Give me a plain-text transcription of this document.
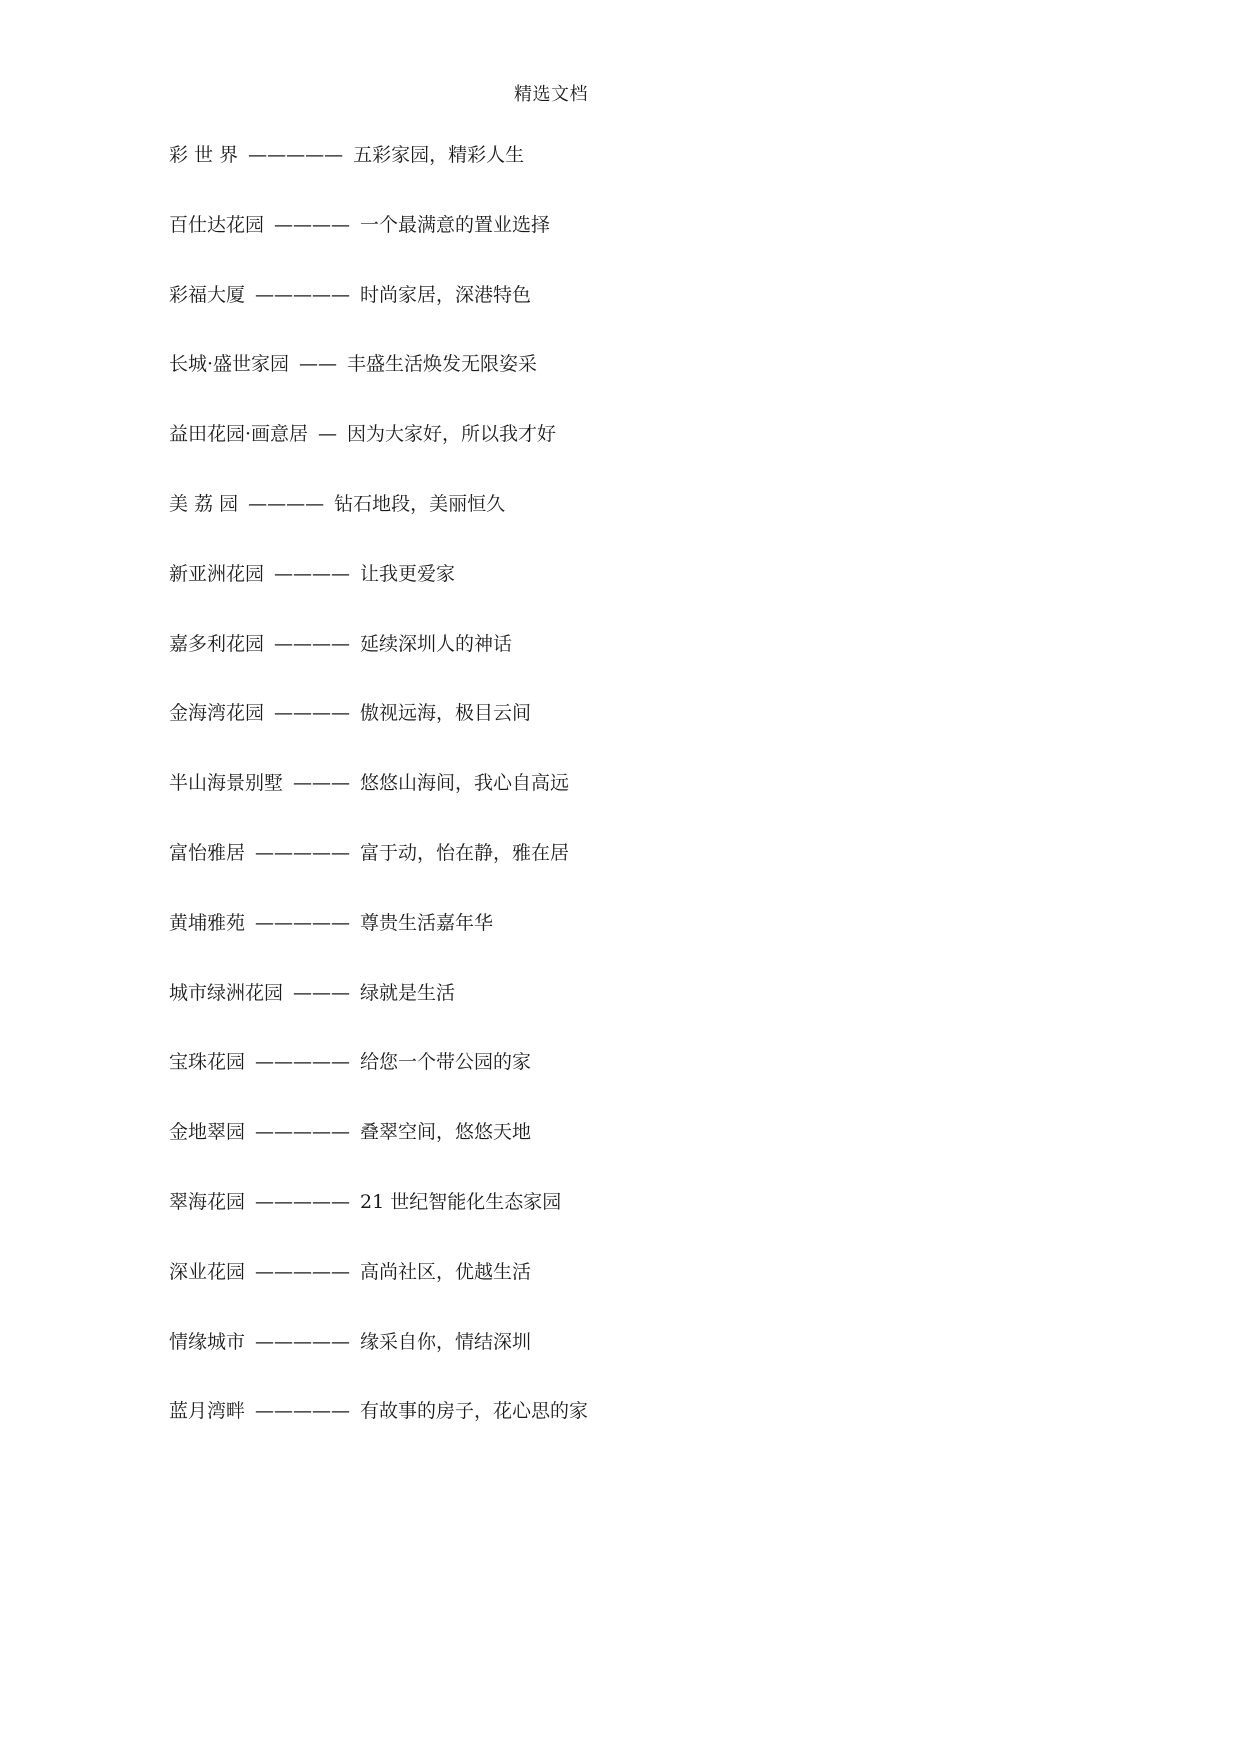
精选文档
彩 世 界 ————— 五彩家园，精彩人生
百仕达花园 ———— 一个最满意的置业选择
彩福大厦 ————— 时尚家居，深港特色
长城·盛世家园 —— 丰盛生活焕发无限姿采
益田花园·画意居 — 因为大家好，所以我才好
美 荔 园 ———— 钻石地段，美丽恒久
新亚洲花园 ———— 让我更爱家
嘉多利花园 ———— 延续深圳人的神话
金海湾花园 ———— 傲视远海，极目云间
半山海景别墅 ——— 悠悠山海间，我心自高远
富怡雅居 ————— 富于动，怡在静，雅在居
黄埔雅苑 ————— 尊贵生活嘉年华
城市绿洲花园 ——— 绿就是生活
宝珠花园 ————— 给您一个带公园的家
金地翠园 ————— 叠翠空间，悠悠天地
翠海花园 ————— 21 世纪智能化生态家园
深业花园 ————— 高尚社区，优越生活
情缘城市 ————— 缘采自你，情结深圳
蓝月湾畔 ————— 有故事的房子，花心思的家
